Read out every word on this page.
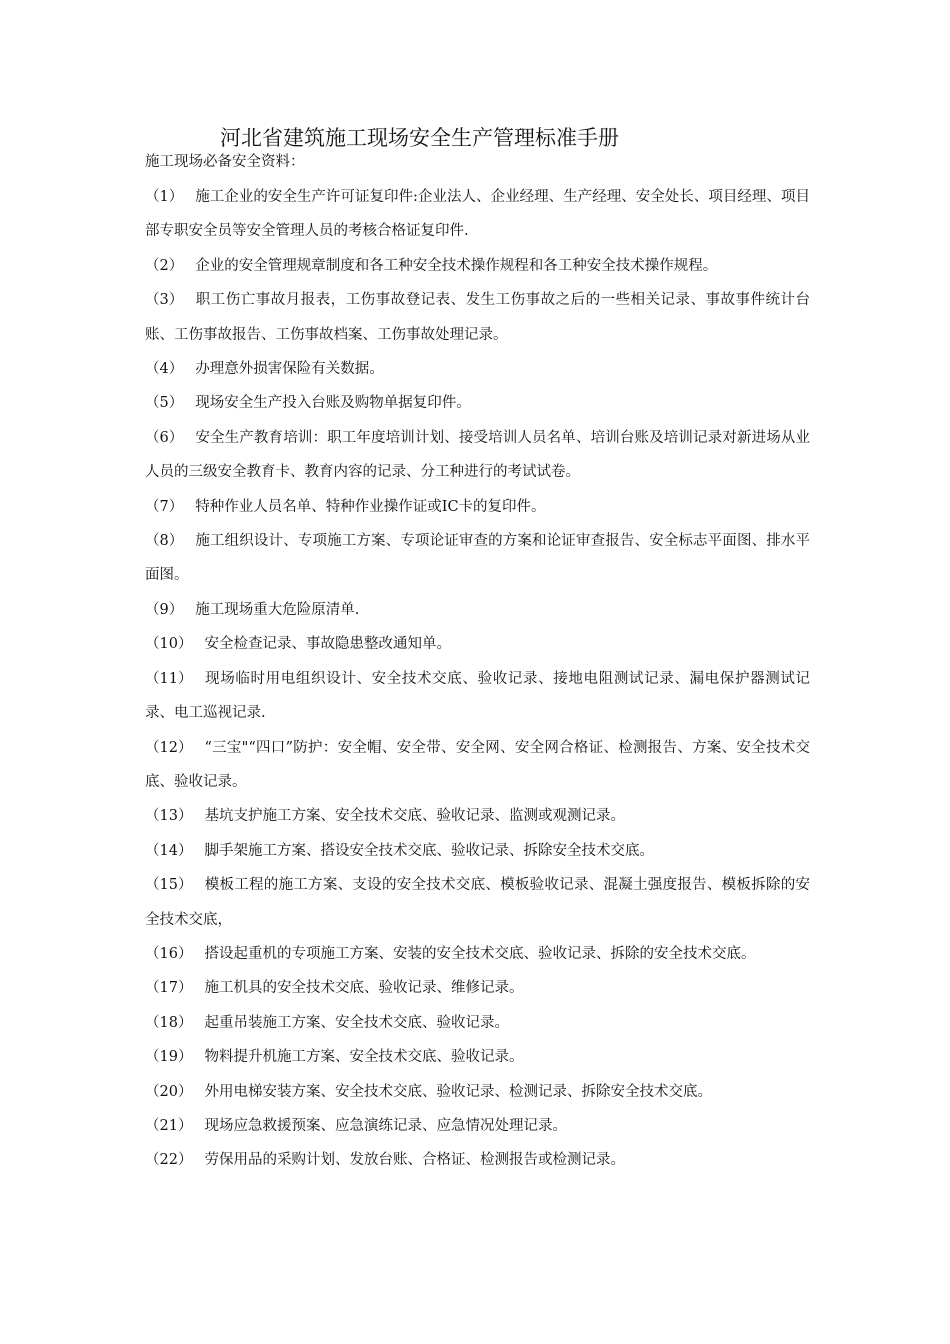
河北省建筑施工现场安全生产管理标准手册
施工现场必备安全资料：
（1） 施工企业的安全生产许可证复印件:企业法人、企业经理、生产经理、安全处长、项目经理、项目部专职安全员等安全管理人员的考核合格证复印件.
（2） 企业的安全管理规章制度和各工种安全技术操作规程和各工种安全技术操作规程。
（3） 职工伤亡事故月报表，工伤事故登记表、发生工伤事故之后的一些相关记录、事故事件统计台账、工伤事故报告、工伤事故档案、工伤事故处理记录。
（4） 办理意外损害保险有关数据。
（5） 现场安全生产投入台账及购物单据复印件。
（6） 安全生产教育培训：职工年度培训计划、接受培训人员名单、培训台账及培训记录对新进场从业人员的三级安全教育卡、教育内容的记录、分工种进行的考试试卷。
（7） 特种作业人员名单、特种作业操作证或IC卡的复印件。
（8） 施工组织设计、专项施工方案、专项论证审查的方案和论证审查报告、安全标志平面图、排水平面图。
（9） 施工现场重大危险原清单.
（10） 安全检查记录、事故隐患整改通知单。
（11） 现场临时用电组织设计、安全技术交底、验收记录、接地电阻测试记录、漏电保护器测试记录、电工巡视记录.
（12） “三宝"“四口”防护：安全帽、安全带、安全网、安全网合格证、检测报告、方案、安全技术交底、验收记录。
（13） 基坑支护施工方案、安全技术交底、验收记录、监测或观测记录。
（14） 脚手架施工方案、搭设安全技术交底、验收记录、拆除安全技术交底。
（15） 模板工程的施工方案、支设的安全技术交底、模板验收记录、混凝土强度报告、模板拆除的安全技术交底，
（16） 搭设起重机的专项施工方案、安装的安全技术交底、验收记录、拆除的安全技术交底。
（17） 施工机具的安全技术交底、验收记录、维修记录。
（18） 起重吊装施工方案、安全技术交底、验收记录。
（19） 物料提升机施工方案、安全技术交底、验收记录。
（20） 外用电梯安装方案、安全技术交底、验收记录、检测记录、拆除安全技术交底。
（21） 现场应急救援预案、应急演练记录、应急情况处理记录。
（22） 劳保用品的采购计划、发放台账、合格证、检测报告或检测记录。
